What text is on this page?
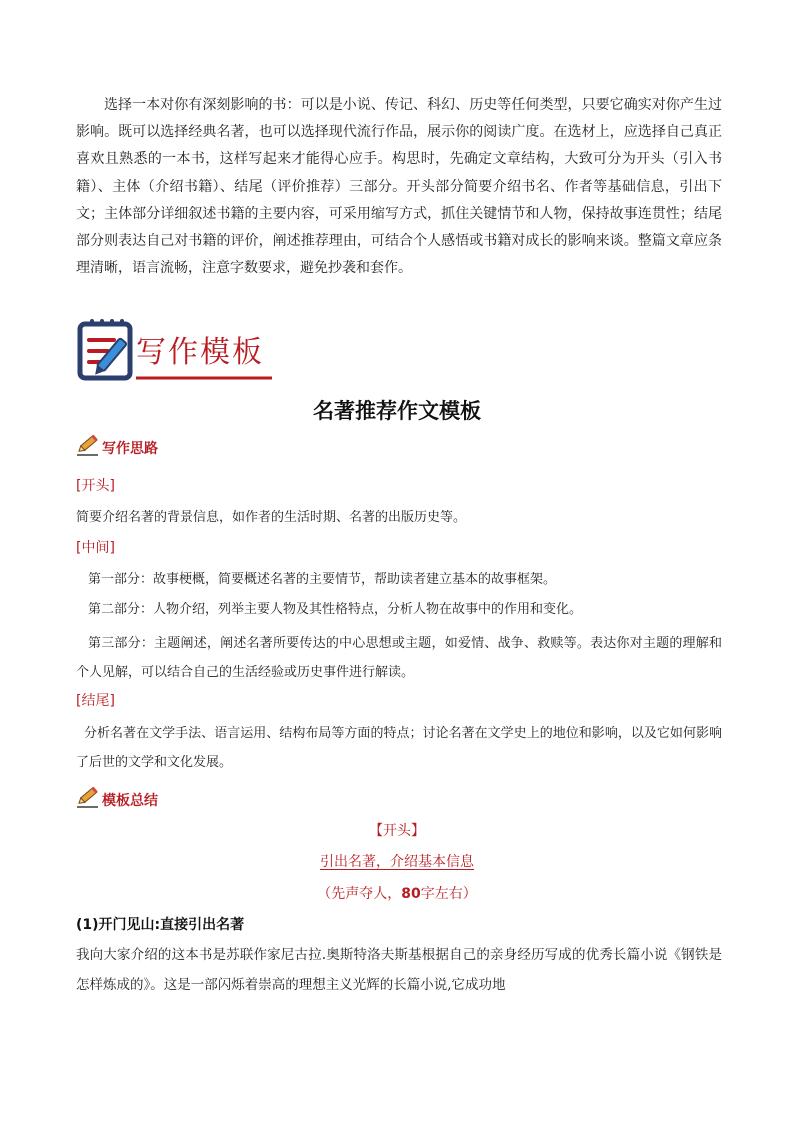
选择一本对你有深刻影响的书：可以是小说、传记、科幻、历史等任何类型，只要它确实对你产生过影响。既可以选择经典名著，也可以选择现代流行作品，展示你的阅读广度。在选材上，应选择自己真正喜欢且熟悉的一本书，这样写起来才能得心应手。构思时，先确定文章结构，大致可分为开头（引入书籍）、主体（介绍书籍）、结尾（评价推荐）三部分。开头部分简要介绍书名、作者等基础信息，引出下文；主体部分详细叙述书籍的主要内容，可采用缩写方式，抓住关键情节和人物，保持故事连贯性；结尾部分则表达自己对书籍的评价，阐述推荐理由，可结合个人感悟或书籍对成长的影响来谈。整篇文章应条理清晰，语言流畅，注意字数要求，避免抄袭和套作。

写作模板
名著推荐作文模板
写作思路

[开头]

简要介绍名著的背景信息，如作者的生活时期、名著的出版历史等。

[中间]

第一部分：故事梗概，简要概述名著的主要情节，帮助读者建立基本的故事框架。

第二部分：人物介绍，列举主要人物及其性格特点，分析人物在故事中的作用和变化。

第三部分：主题阐述，阐述名著所要传达的中心思想或主题，如爱情、战争、救赎等。表达你对主题的理解和个人见解，可以结合自己的生活经验或历史事件进行解读。

[结尾]

分析名著在文学手法、语言运用、结构布局等方面的特点；讨论名著在文学史上的地位和影响，以及它如何影响了后世的文学和文化发展。

模板总结

【开头】

引出名著，介绍基本信息

（先声夺人，80字左右）

(1)开门见山:直接引出名著

我向大家介绍的这本书是苏联作家尼古拉.奥斯特洛夫斯基根据自己的亲身经历写成的优秀长篇小说《钢铁是怎样炼成的》。这是一部闪烁着崇高的理想主义光辉的长篇小说,它成功地
